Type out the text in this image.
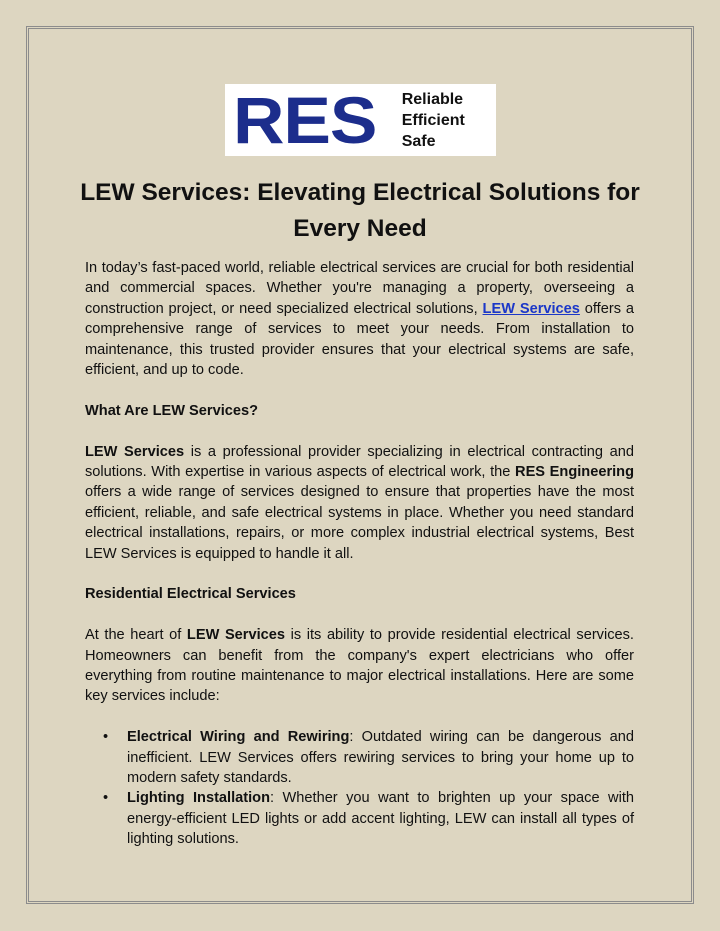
RES Reliable
Efficient
Safe
LEW Services: Elevating Electrical Solutions for Every Need

In today’s fast-paced world, reliable electrical services are crucial for both residential and commercial spaces. Whether you're managing a property, overseeing a construction project, or need specialized electrical solutions, LEW Services offers a comprehensive range of services to meet your needs. From installation to maintenance, this trusted provider ensures that your electrical systems are safe, efficient, and up to code.

What Are LEW Services?

LEW Services is a professional provider specializing in electrical contracting and solutions. With expertise in various aspects of electrical work, the RES Engineering offers a wide range of services designed to ensure that properties have the most efficient, reliable, and safe electrical systems in place. Whether you need standard electrical installations, repairs, or more complex industrial electrical systems, Best LEW Services is equipped to handle it all.

Residential Electrical Services

At the heart of LEW Services is its ability to provide residential electrical services. Homeowners can benefit from the company's expert electricians who offer everything from routine maintenance to major electrical installations. Here are some key services include:

• Electrical Wiring and Rewiring: Outdated wiring can be dangerous and inefficient. LEW Services offers rewiring services to bring your home up to modern safety standards.
• Lighting Installation: Whether you want to brighten up your space with energy-efficient LED lights or add accent lighting, LEW can install all types of lighting solutions.
